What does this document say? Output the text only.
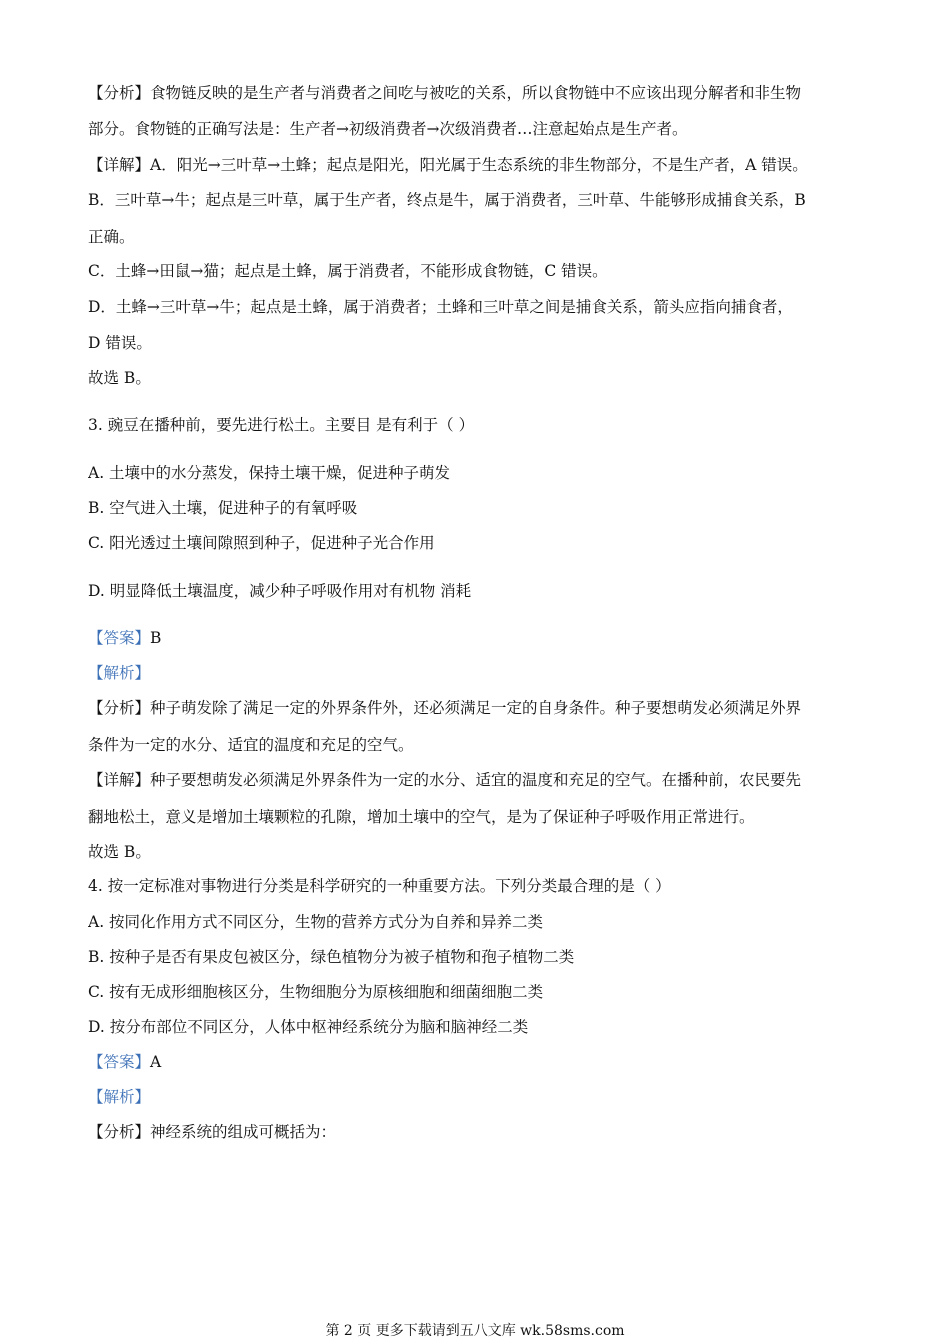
【分析】食物链反映的是生产者与消费者之间吃与被吃的关系，所以食物链中不应该出现分解者和非生物
部分。食物链的正确写法是：生产者→初级消费者→次级消费者…注意起始点是生产者。
【详解】A．阳光→三叶草→土蜂；起点是阳光，阳光属于生态系统的非生物部分，不是生产者，A 错误。
B．三叶草→牛；起点是三叶草，属于生产者，终点是牛，属于消费者，三叶草、牛能够形成捕食关系，B
正确。
C．土蜂→田鼠→猫；起点是土蜂，属于消费者，不能形成食物链，C 错误。
D．土蜂→三叶草→牛；起点是土蜂，属于消费者；土蜂和三叶草之间是捕食关系，箭头应指向捕食者，
D 错误。
故选 B。
3. 豌豆在播种前，要先进行松土。主要目 是有利于（ ）
A. 土壤中的水分蒸发，保持土壤干燥，促进种子萌发
B. 空气进入土壤，促进种子的有氧呼吸
C. 阳光透过土壤间隙照到种子，促进种子光合作用
D. 明显降低土壤温度，减少种子呼吸作用对有机物 消耗
【答案】B
【解析】
【分析】种子萌发除了满足一定的外界条件外，还必须满足一定的自身条件。种子要想萌发必须满足外界
条件为一定的水分、适宜的温度和充足的空气。
【详解】种子要想萌发必须满足外界条件为一定的水分、适宜的温度和充足的空气。在播种前，农民要先
翻地松土，意义是增加土壤颗粒的孔隙，增加土壤中的空气，是为了保证种子呼吸作用正常进行。
故选 B。
4. 按一定标准对事物进行分类是科学研究的一种重要方法。下列分类最合理的是（ ）
A. 按同化作用方式不同区分，生物的营养方式分为自养和异养二类
B. 按种子是否有果皮包被区分，绿色植物分为被子植物和孢子植物二类
C. 按有无成形细胞核区分，生物细胞分为原核细胞和细菌细胞二类
D. 按分布部位不同区分，人体中枢神经系统分为脑和脑神经二类
【答案】A
【解析】
【分析】神经系统的组成可概括为：
第 2 页 更多下载请到五八文库 wk.58sms.com
